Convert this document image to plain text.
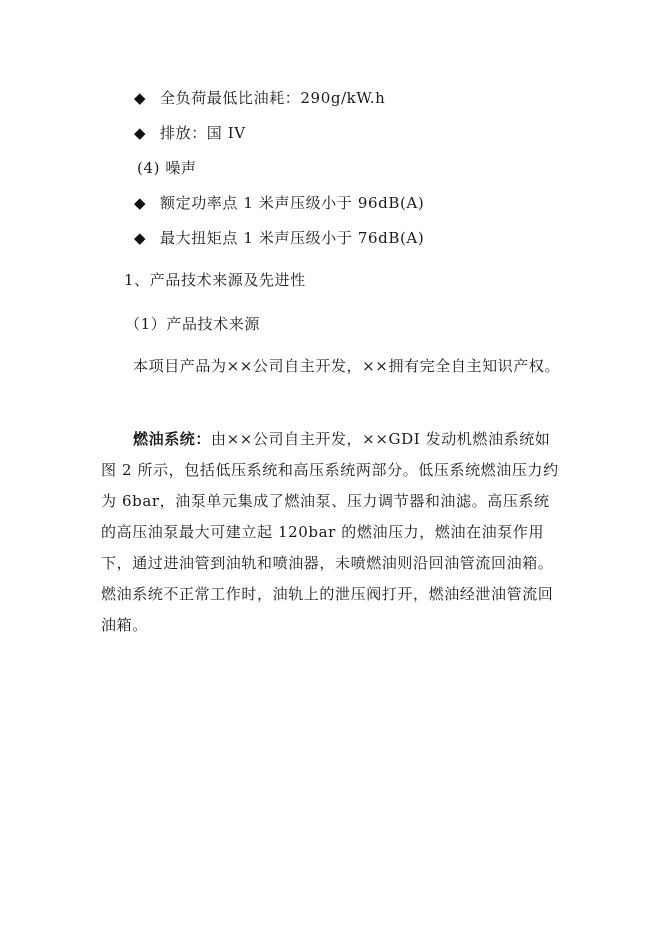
◆ 全负荷最低比油耗：290g/kW.h
◆ 排放：国 IV
(4) 噪声
◆ 额定功率点 1 米声压级小于 96dB(A)
◆ 最大扭矩点 1 米声压级小于 76dB(A)
1、产品技术来源及先进性
（1）产品技术来源
本项目产品为××公司自主开发，××拥有完全自主知识产权。
燃油系统：由××公司自主开发，××GDI 发动机燃油系统如图 2 所示，包括低压系统和高压系统两部分。低压系统燃油压力约为 6bar，油泵单元集成了燃油泵、压力调节器和油滤。高压系统的高压油泵最大可建立起 120bar 的燃油压力，燃油在油泵作用下，通过进油管到油轨和喷油器，未喷燃油则沿回油管流回油箱。燃油系统不正常工作时，油轨上的泄压阀打开，燃油经泄油管流回油箱。
